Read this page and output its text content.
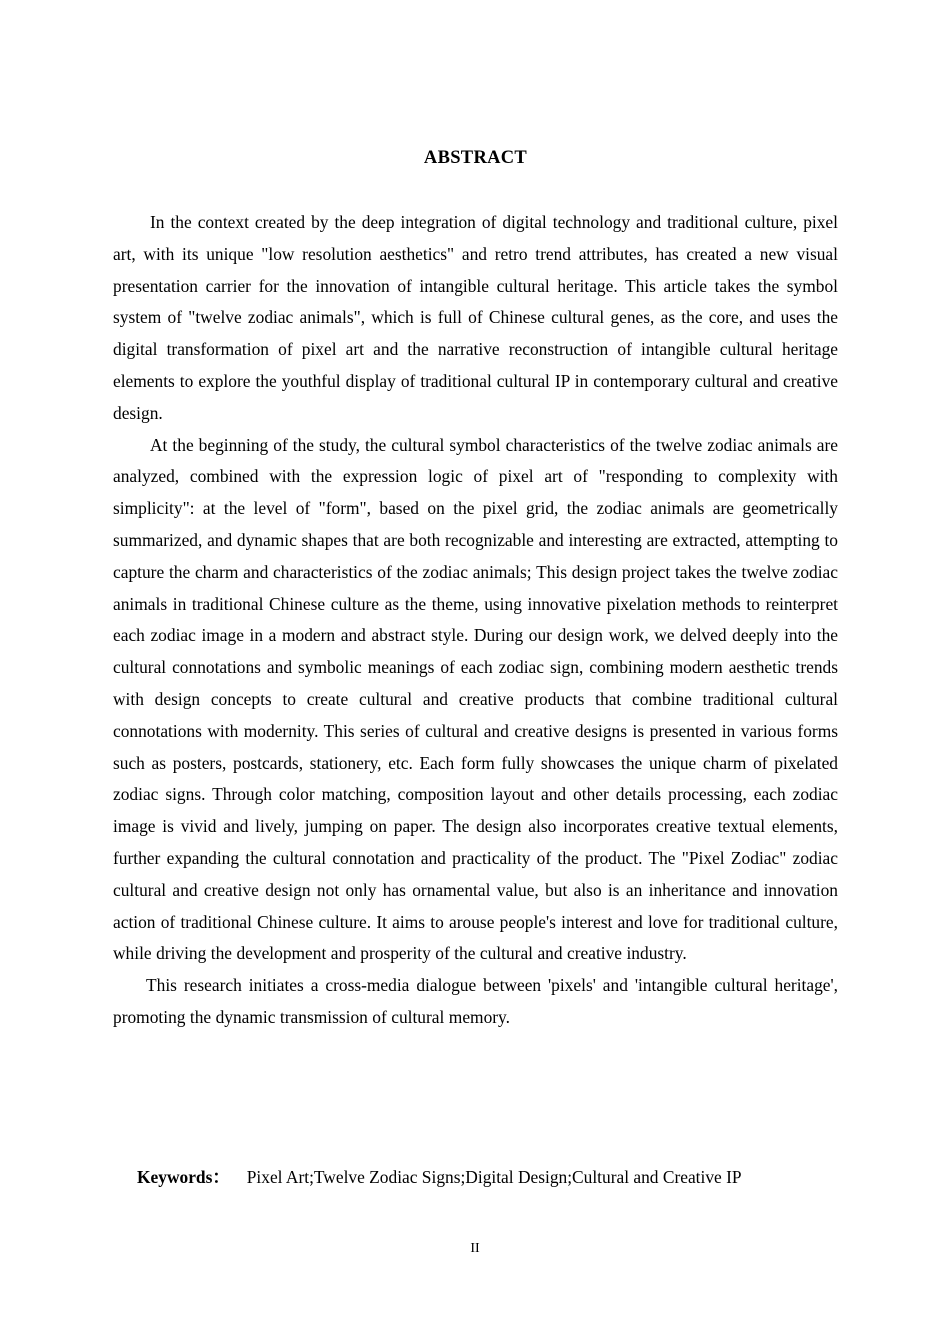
ABSTRACT

In the context created by the deep integration of digital technology and traditional culture, pixel art, with its unique "low resolution aesthetics" and retro trend attributes, has created a new visual presentation carrier for the innovation of intangible cultural heritage. This article takes the symbol system of "twelve zodiac animals", which is full of Chinese cultural genes, as the core, and uses the digital transformation of pixel art and the narrative reconstruction of intangible cultural heritage elements to explore the youthful display of traditional cultural IP in contemporary cultural and creative design.

At the beginning of the study, the cultural symbol characteristics of the twelve zodiac animals are analyzed, combined with the expression logic of pixel art of "responding to complexity with simplicity": at the level of "form", based on the pixel grid, the zodiac animals are geometrically summarized, and dynamic shapes that are both recognizable and interesting are extracted, attempting to capture the charm and characteristics of the zodiac animals; This design project takes the twelve zodiac animals in traditional Chinese culture as the theme, using innovative pixelation methods to reinterpret each zodiac image in a modern and abstract style. During our design work, we delved deeply into the cultural connotations and symbolic meanings of each zodiac sign, combining modern aesthetic trends with design concepts to create cultural and creative products that combine traditional cultural connotations with modernity. This series of cultural and creative designs is presented in various forms such as posters, postcards, stationery, etc. Each form fully showcases the unique charm of pixelated zodiac signs. Through color matching, composition layout and other details processing, each zodiac image is vivid and lively, jumping on paper. The design also incorporates creative textual elements, further expanding the cultural connotation and practicality of the product. The "Pixel Zodiac" zodiac cultural and creative design not only has ornamental value, but also is an inheritance and innovation action of traditional Chinese culture. It aims to arouse people's interest and love for traditional culture, while driving the development and prosperity of the cultural and creative industry.

This research initiates a cross-media dialogue between 'pixels' and 'intangible cultural heritage', promoting the dynamic transmission of cultural memory.

Keywords： Pixel Art;Twelve Zodiac Signs;Digital Design;Cultural and Creative IP
II
